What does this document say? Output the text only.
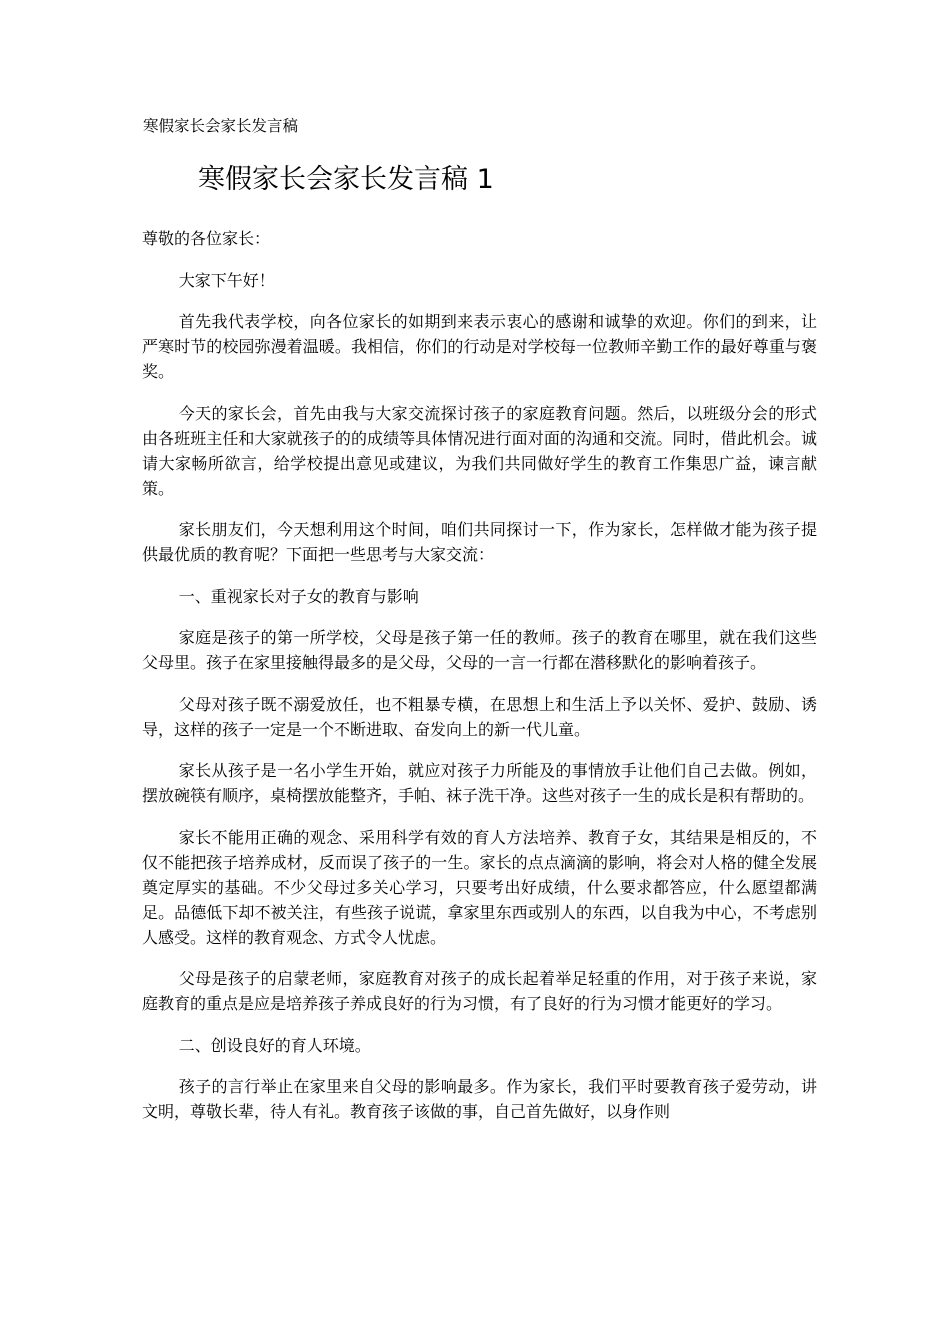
寒假家长会家长发言稿
寒假家长会家长发言稿 1

尊敬的各位家长：

大家下午好！

首先我代表学校，向各位家长的如期到来表示衷心的感谢和诚挚的欢迎。你们的到来，让严寒时节的校园弥漫着温暖。我相信，你们的行动是对学校每一位教师辛勤工作的最好尊重与褒奖。

今天的家长会，首先由我与大家交流探讨孩子的家庭教育问题。然后，以班级分会的形式由各班班主任和大家就孩子的的成绩等具体情况进行面对面的沟通和交流。同时，借此机会。诚请大家畅所欲言，给学校提出意见或建议，为我们共同做好学生的教育工作集思广益，谏言献策。

家长朋友们，今天想利用这个时间，咱们共同探讨一下，作为家长，怎样做才能为孩子提供最优质的教育呢？下面把一些思考与大家交流：

一、重视家长对子女的教育与影响

家庭是孩子的第一所学校，父母是孩子第一任的教师。孩子的教育在哪里，就在我们这些父母里。孩子在家里接触得最多的是父母，父母的一言一行都在潜移默化的影响着孩子。

父母对孩子既不溺爱放任，也不粗暴专横，在思想上和生活上予以关怀、爱护、鼓励、诱导，这样的孩子一定是一个不断进取、奋发向上的新一代儿童。

家长从孩子是一名小学生开始，就应对孩子力所能及的事情放手让他们自己去做。例如，摆放碗筷有顺序，桌椅摆放能整齐，手帕、袜子洗干净。这些对孩子一生的成长是积有帮助的。

家长不能用正确的观念、采用科学有效的育人方法培养、教育子女，其结果是相反的，不仅不能把孩子培养成材，反而误了孩子的一生。家长的点点滴滴的影响，将会对人格的健全发展奠定厚实的基础。不少父母过多关心学习，只要考出好成绩，什么要求都答应，什么愿望都满足。品德低下却不被关注，有些孩子说谎，拿家里东西或别人的东西，以自我为中心，不考虑别人感受。这样的教育观念、方式令人忧虑。

父母是孩子的启蒙老师，家庭教育对孩子的成长起着举足轻重的作用，对于孩子来说，家庭教育的重点是应是培养孩子养成良好的行为习惯，有了良好的行为习惯才能更好的学习。

二、创设良好的育人环境。

孩子的言行举止在家里来自父母的影响最多。作为家长，我们平时要教育孩子爱劳动，讲文明，尊敬长辈，待人有礼。教育孩子该做的事，自己首先做好，以身作则
